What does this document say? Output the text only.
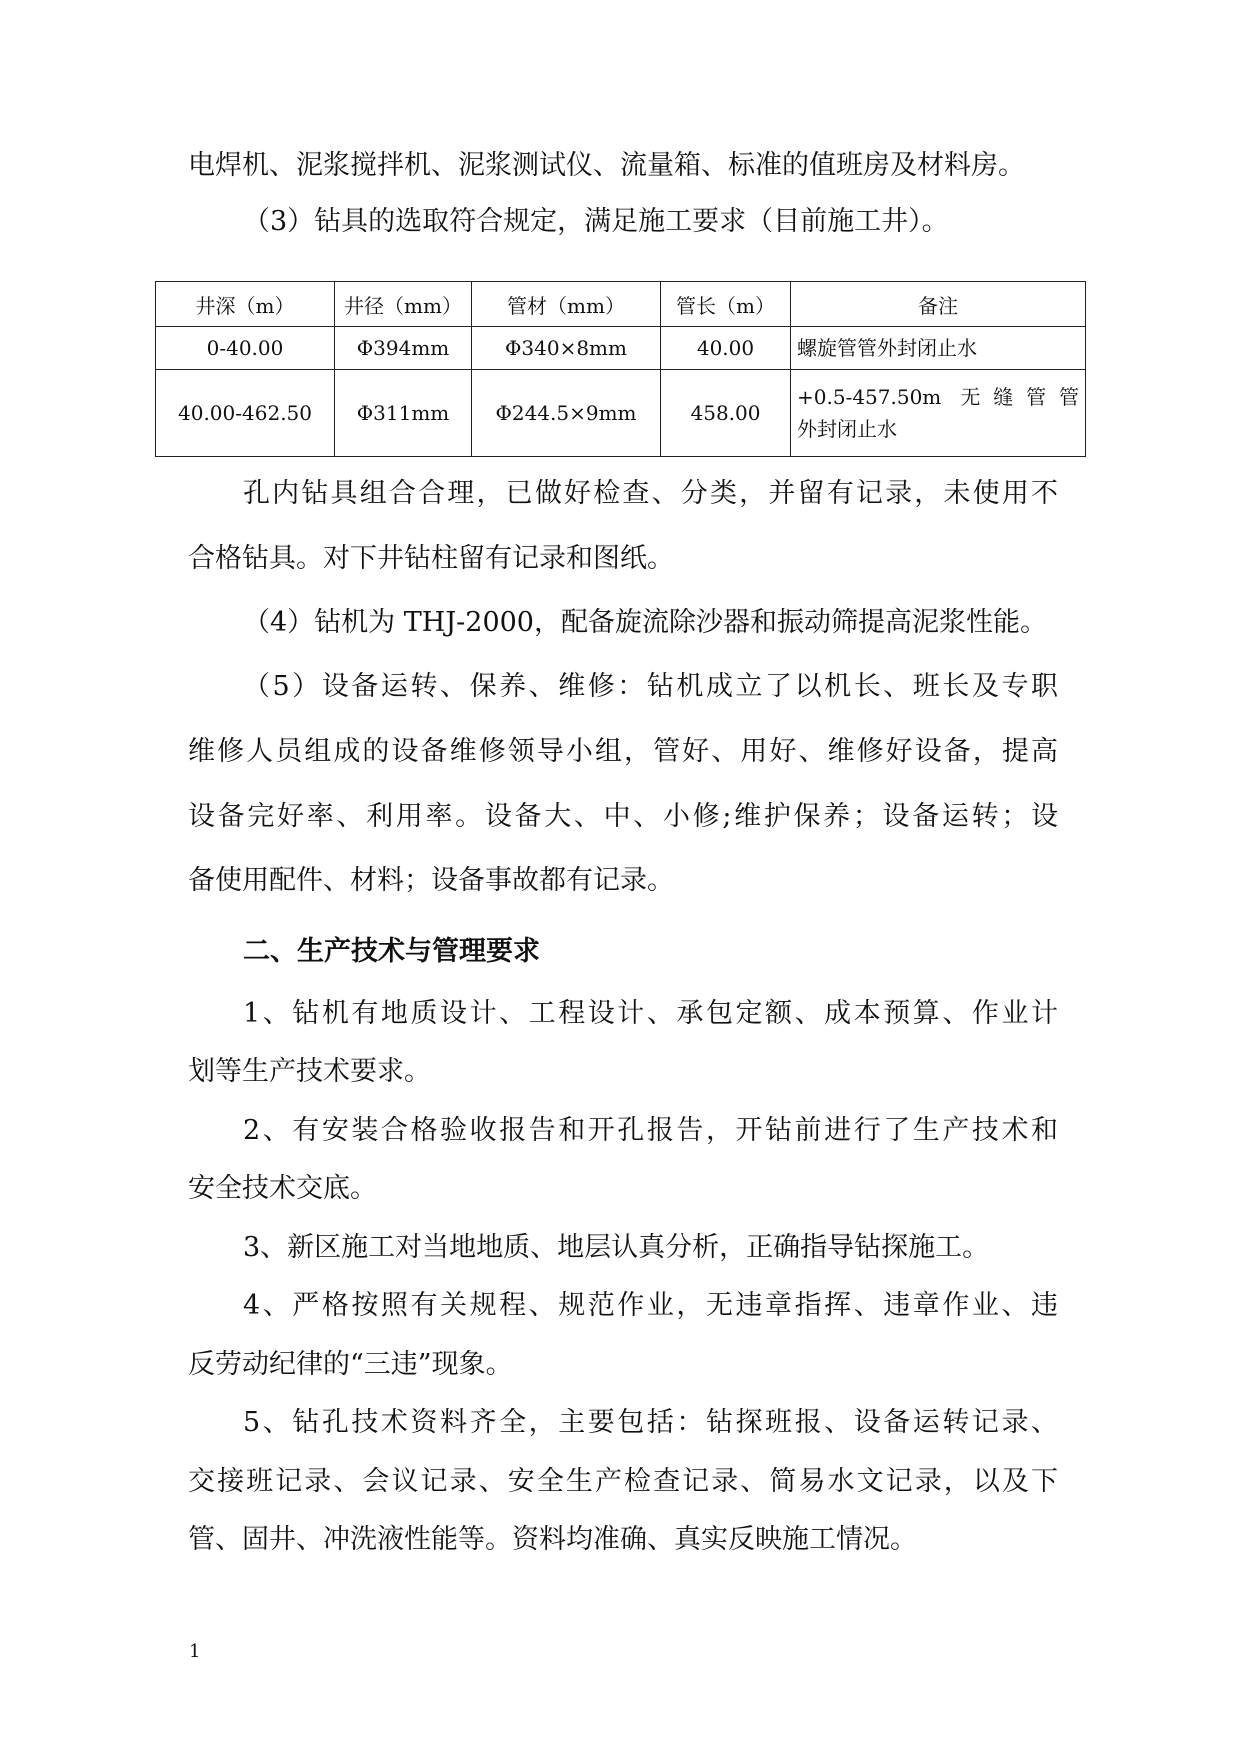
电焊机、泥浆搅拌机、泥浆测试仪、流量箱、标准的值班房及材料房。
（3）钻具的选取符合规定，满足施工要求（目前施工井）。
井深（m）	井径（mm）	管材（mm）	管长（m）	备注
0-40.00	Φ394mm	Φ340×8mm	40.00	螺旋管管外封闭止水

40.00-462.50	Φ311mm	Φ244.5×9mm	458.00	+0.5-457.50m 无缝管管
外封闭止水
孔内钻具组合合理，已做好检查、分类，并留有记录，未使用不
合格钻具。对下井钻柱留有记录和图纸。
（4）钻机为 THJ-2000，配备旋流除沙器和振动筛提高泥浆性能。
（5）设备运转、保养、维修：钻机成立了以机长、班长及专职
维修人员组成的设备维修领导小组，管好、用好、维修好设备，提高
设备完好率、利用率。设备大、中、小修;维护保养；设备运转；设
备使用配件、材料；设备事故都有记录。
二、生产技术与管理要求
1、钻机有地质设计、工程设计、承包定额、成本预算、作业计
划等生产技术要求。
2、有安装合格验收报告和开孔报告，开钻前进行了生产技术和
安全技术交底。
3、新区施工对当地地质、地层认真分析，正确指导钻探施工。
4、严格按照有关规程、规范作业，无违章指挥、违章作业、违
反劳动纪律的“三违”现象。
5、钻孔技术资料齐全，主要包括：钻探班报、设备运转记录、
交接班记录、会议记录、安全生产检查记录、简易水文记录，以及下
管、固井、冲洗液性能等。资料均准确、真实反映施工情况。
1
